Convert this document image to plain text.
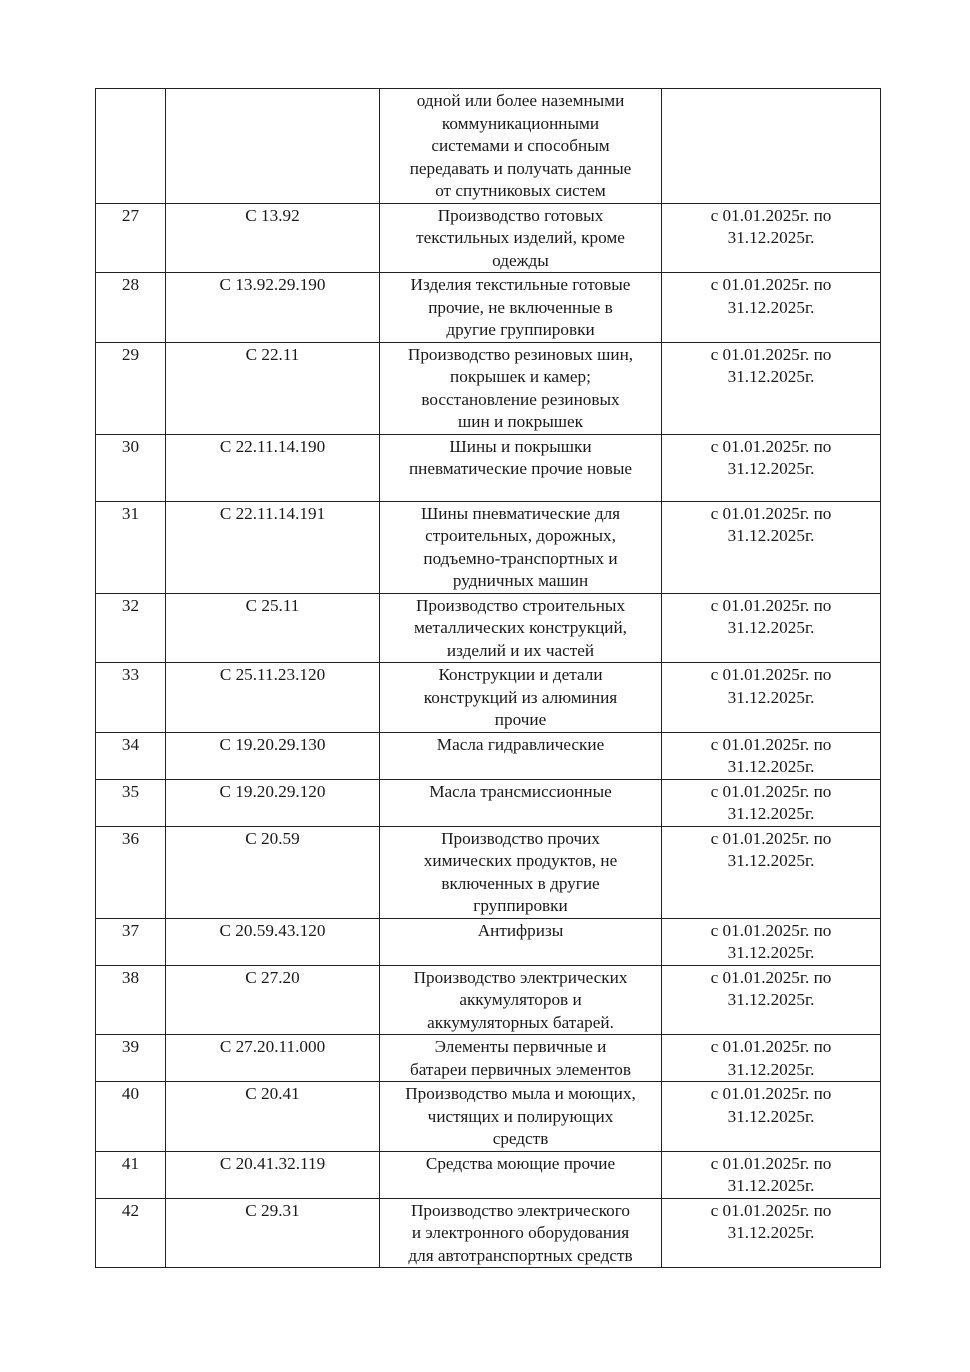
		одной или более наземными
коммуникационными
системами и способным
передавать и получать данные
от спутниковых систем	

27	С 13.92	Производство готовых
текстильных изделий, кроме
одежды	с 01.01.2025г. по
31.12.2025г.

28	С 13.92.29.190	Изделия текстильные готовые
прочие, не включенные в
другие группировки	с 01.01.2025г. по
31.12.2025г.

29	С 22.11	Производство резиновых шин,
покрышек и камер;
восстановление резиновых
шин и покрышек	с 01.01.2025г. по
31.12.2025г.

30	С 22.11.14.190	Шины и покрышки
пневматические прочие новые	с 01.01.2025г. по
31.12.2025г.

31	С 22.11.14.191	Шины пневматические для
строительных, дорожных,
подъемно-транспортных и
рудничных машин	с 01.01.2025г. по
31.12.2025г.

32	С 25.11	Производство строительных
металлических конструкций,
изделий и их частей	с 01.01.2025г. по
31.12.2025г.

33	С 25.11.23.120	Конструкции и детали
конструкций из алюминия
прочие	с 01.01.2025г. по
31.12.2025г.

34	С 19.20.29.130	Масла гидравлические	с 01.01.2025г. по
31.12.2025г.

35	С 19.20.29.120	Масла трансмиссионные	с 01.01.2025г. по
31.12.2025г.

36	С 20.59	Производство прочих
химических продуктов, не
включенных в другие
группировки	с 01.01.2025г. по
31.12.2025г.

37	С 20.59.43.120	Антифризы	с 01.01.2025г. по
31.12.2025г.

38	С 27.20	Производство электрических
аккумуляторов и
аккумуляторных батарей.	с 01.01.2025г. по
31.12.2025г.

39	С 27.20.11.000	Элементы первичные и
батареи первичных элементов	с 01.01.2025г. по
31.12.2025г.

40	С 20.41	Производство мыла и моющих,
чистящих и полирующих
средств	с 01.01.2025г. по
31.12.2025г.

41	С 20.41.32.119	Средства моющие прочие	с 01.01.2025г. по
31.12.2025г.

42	С 29.31	Производство электрического
и электронного оборудования
для автотранспортных средств	с 01.01.2025г. по
31.12.2025г.
